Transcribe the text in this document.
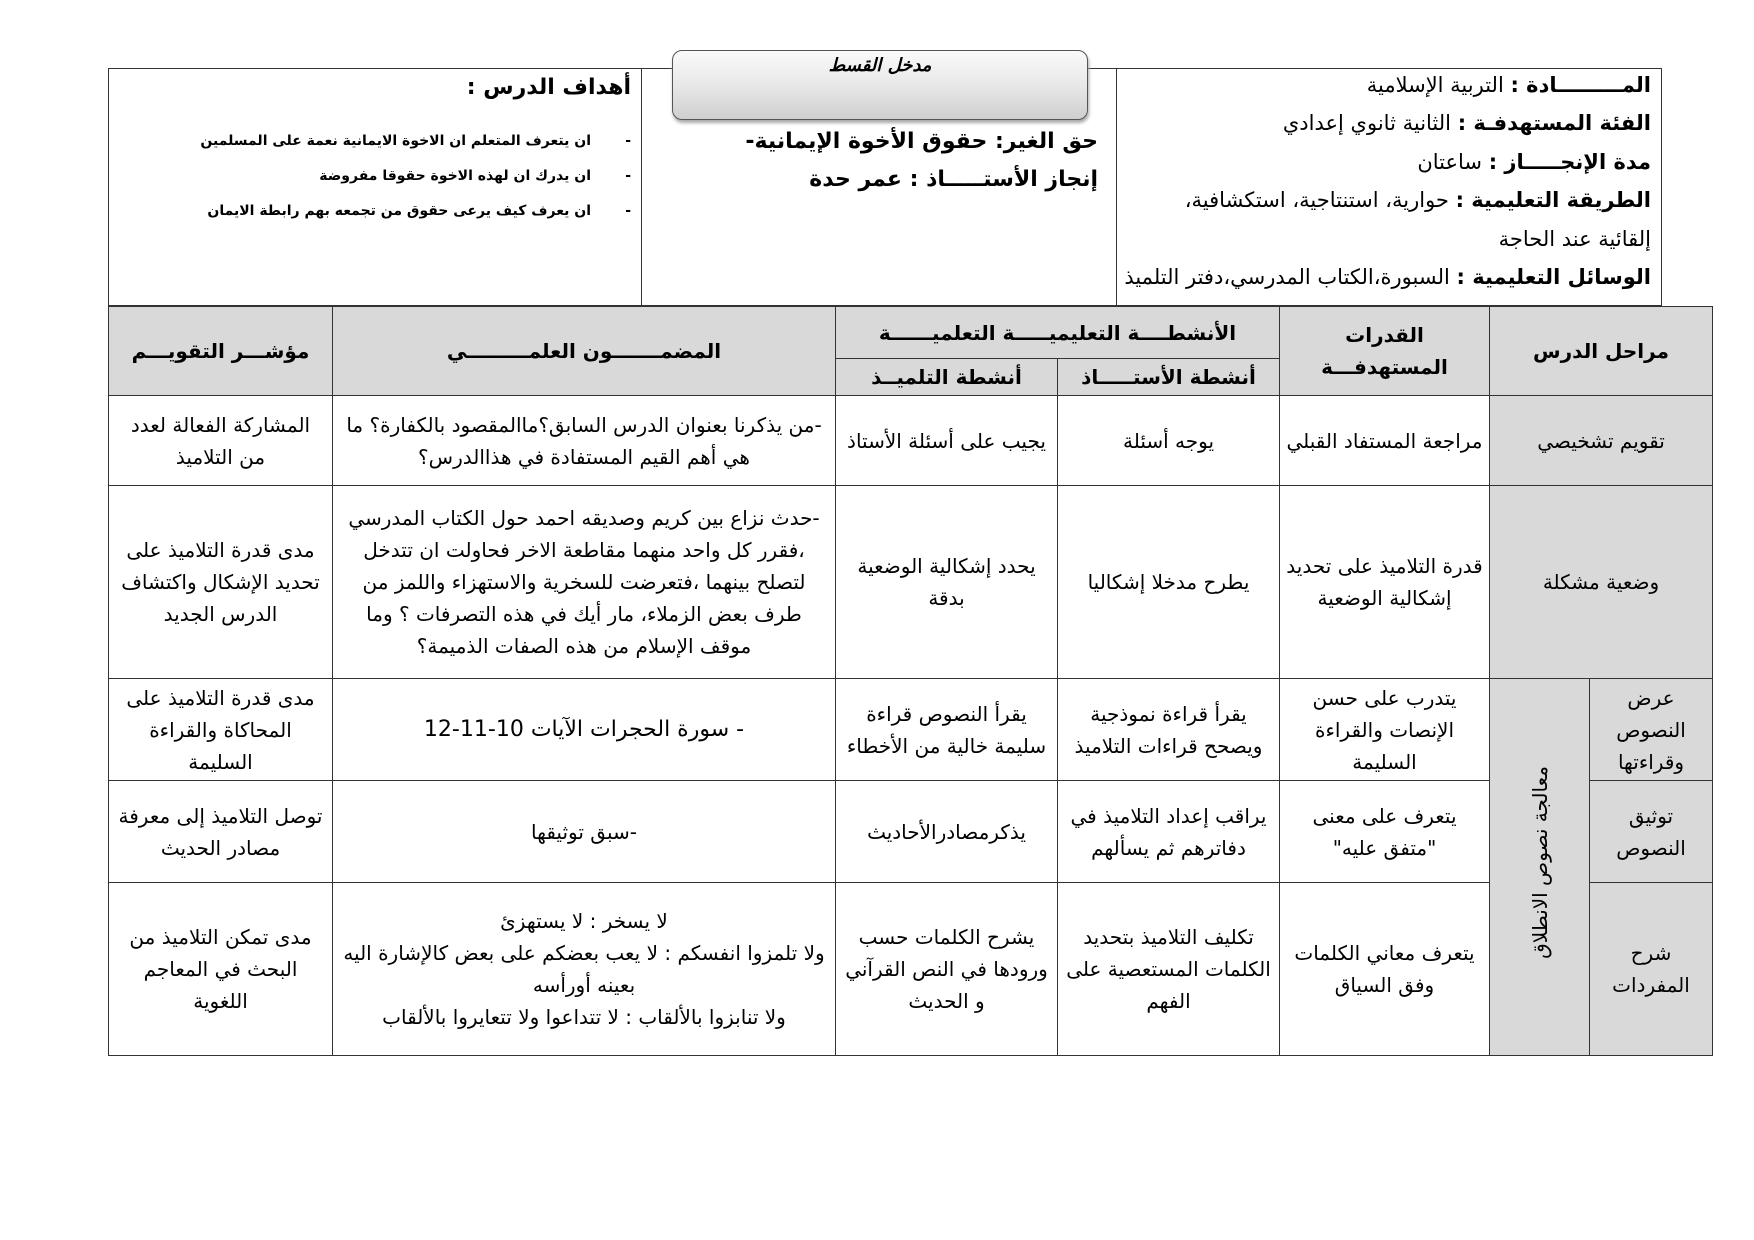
المـــــــــادة : التربية الإسلامية
الفئة المستهدفـة : الثانية ثانوي إعدادي
مدة الإنجـــــاز : ساعتان
الطريقة التعليمية : حوارية، استنتاجية، استكشافية،
إلقائية عند الحاجة
الوسائل التعليمية : السبورة،الكتاب المدرسي،دفتر التلميذ
حق الغير: حقوق الأخوة الإيمانية-
إنجاز الأستـــــاذ : عمر حدة
أهداف الدرس :
-
ان يتعرف المتعلم ان الاخوة الايمانية نعمة على المسلمين
-
ان يدرك ان لهذه الاخوة حقوقا مفروضة
-
ان يعرف كيف يرعى حقوق من تجمعه بهم رابطة الايمان
مدخل القسط
مراحل الدرس		القدرات المستهدفـــة	الأنشطــــة التعليميـــــة التعلميــــــة		المضمـــــــون العلمـــــــــي	مؤشـــر التقويـــم
			أنشطة الأستـــــاذ	أنشطة التلميــذ		
تقويم تشخيصي		مراجعة المستفاد القبلي	يوجه أسئلة	يجيب على أسئلة الأستاذ	-من يذكرنا بعنوان الدرس السابق؟ماالمقصود بالكفارة؟ ما هي أهم القيم المستفادة في هذاالدرس؟	المشاركة الفعالة لعدد من التلاميذ
وضعية مشكلة		قدرة التلاميذ على تحديد إشكالية الوضعية	يطرح مدخلا إشكاليا	يحدد إشكالية الوضعية بدقة	-حدث نزاع بين كريم وصديقه احمد حول الكتاب المدرسي
،فقرر كل واحد منهما مقاطعة الاخر فحاولت ان تتدخل
لتصلح بينهما ،فتعرضت للسخرية والاستهزاء واللمز من
طرف بعض الزملاء، مار أيك في هذه التصرفات ؟ وما
موقف الإسلام من هذه الصفات الذميمة؟	مدى قدرة التلاميذ على تحديد الإشكال واكتشاف الدرس الجديد
عرض النصوص وقراءتها	معالجة نصوص الانطلاق	يتدرب على حسن الإنصات والقراءة السليمة	يقرأ قراءة نموذجية ويصحح قراءات التلاميذ	يقرأ النصوص قراءة سليمة خالية من الأخطاء	- سورة الحجرات الآيات 10-11-12	مدى قدرة التلاميذ على المحاكاة والقراءة السليمة
توثيق النصوص		يتعرف على معنى "متفق عليه"	يراقب إعداد التلاميذ في دفاترهم ثم يسألهم	يذكرمصادرالأحاديث	-سبق توثيقها	توصل التلاميذ إلى معرفة مصادر الحديث
شرح المفردات		يتعرف معاني الكلمات وفق السياق	تكليف التلاميذ بتحديد الكلمات المستعصية على الفهم	يشرح الكلمات حسب ورودها في النص القرآني و الحديث	لا يسخر : لا يستهزئ
ولا تلمزوا انفسكم : لا يعب بعضكم على بعض كالإشارة اليه بعينه أورأسه
ولا تنابزوا بالألقاب : لا تتداعوا ولا تتعايروا بالألقاب	مدى تمكن التلاميذ من البحث في المعاجم اللغوية
